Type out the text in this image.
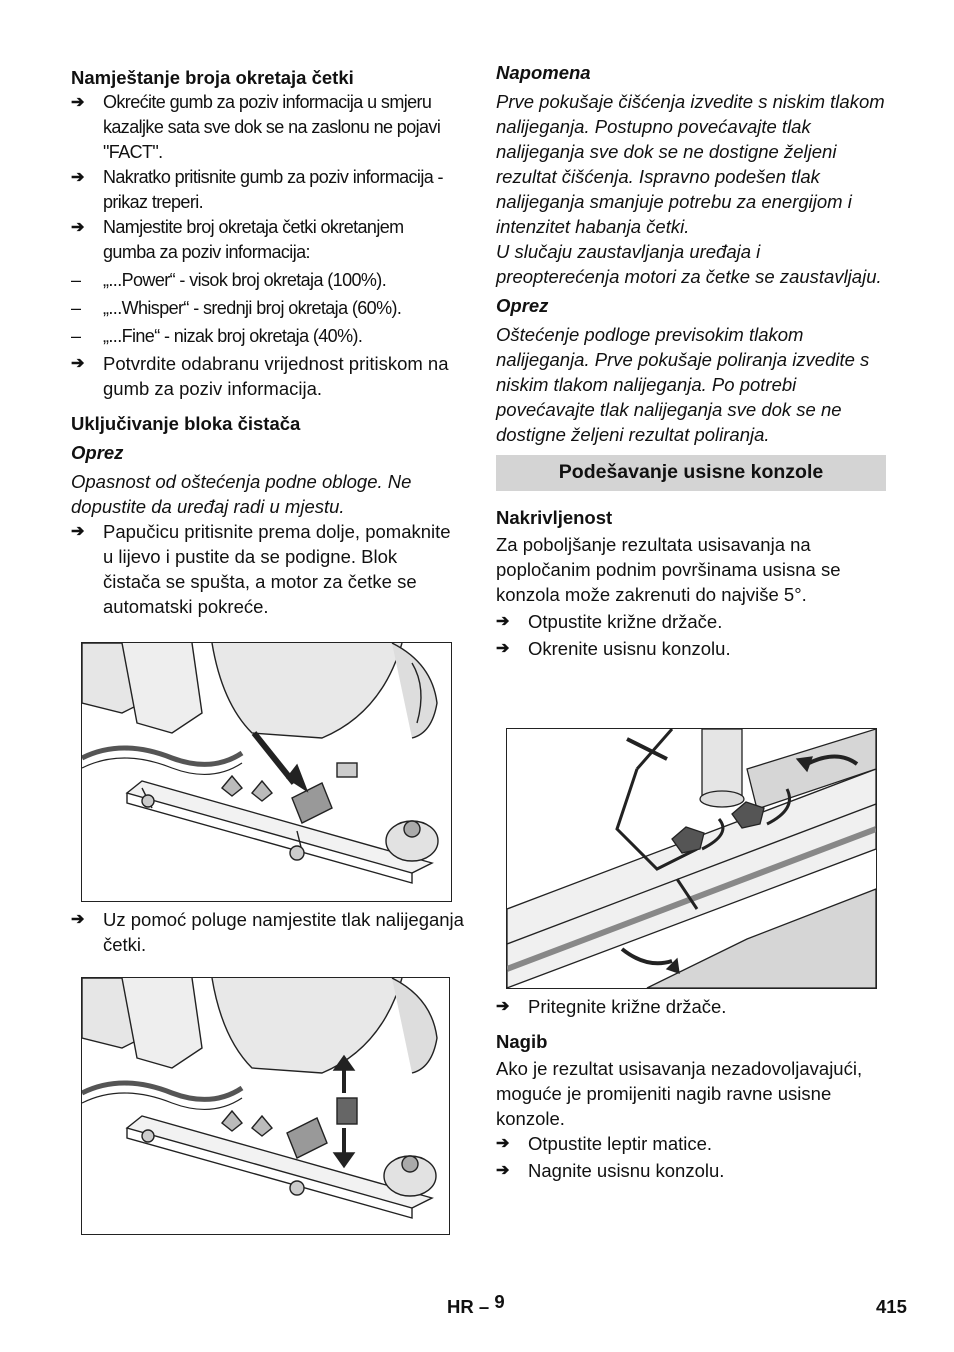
Namještanje broja okretaja četki

➔ Okrećite gumb za poziv informacija u smjeru kazaljke sata sve dok se na zaslonu ne pojavi "FACT".
➔ Nakratko pritisnite gumb za poziv informacija - prikaz treperi.
➔ Namjestite broj okretaja četki okretanjem gumba za poziv informacija:
– „...Power“ - visok broj okretaja (100%).
– „...Whisper“ - srednji broj okretaja (60%).
– „...Fine“ - nizak broj okretaja (40%).
➔ Potvrdite odabranu vrijednost pritiskom na gumb za poziv informacija.

Uključivanje bloka čistača

Oprez

Opasnost od oštećenja podne obloge. Ne dopustite da uređaj radi u mjestu.

➔ Papučicu pritisnite prema dolje, pomaknite u lijevo i pustite da se podigne. Blok čistača se spušta, a motor za četke se automatski pokreće.
➔ Uz pomoć poluge namjestite tlak nalijeganja četki.

Napomena

Prve pokušaje čišćenja izvedite s niskim tlakom nalijeganja. Postupno povećavajte tlak nalijeganja sve dok se ne dostigne željeni rezultat čišćenja. Ispravno podešen tlak nalijeganja smanjuje potrebu za energijom i intenzitet habanja četki.

U slučaju zaustavljanja uređaja i preopterećenja motori za četke se zaustavljaju.

Oprez

Oštećenje podloge previsokim tlakom nalijeganja. Prve pokušaje poliranja izvedite s niskim tlakom nalijeganja. Po potrebi povećavajte tlak nalijeganja sve dok se ne dostigne željeni rezultat poliranja.

Podešavanje usisne konzole

Nakrivljenost

Za poboljšanje rezultata usisavanja na popločanim podnim površinama usisna se konzola može zakrenuti do najviše 5°.

➔ Otpustite križne držače.
➔ Okrenite usisnu konzolu.
➔ Pritegnite križne držače.

Nagib

Ako je rezultat usisavanja nezadovoljavajući, moguće je promijeniti nagib ravne usisne konzole.

➔ Otpustite leptir matice.
➔ Nagnite usisnu konzolu.
HR – 9	415
